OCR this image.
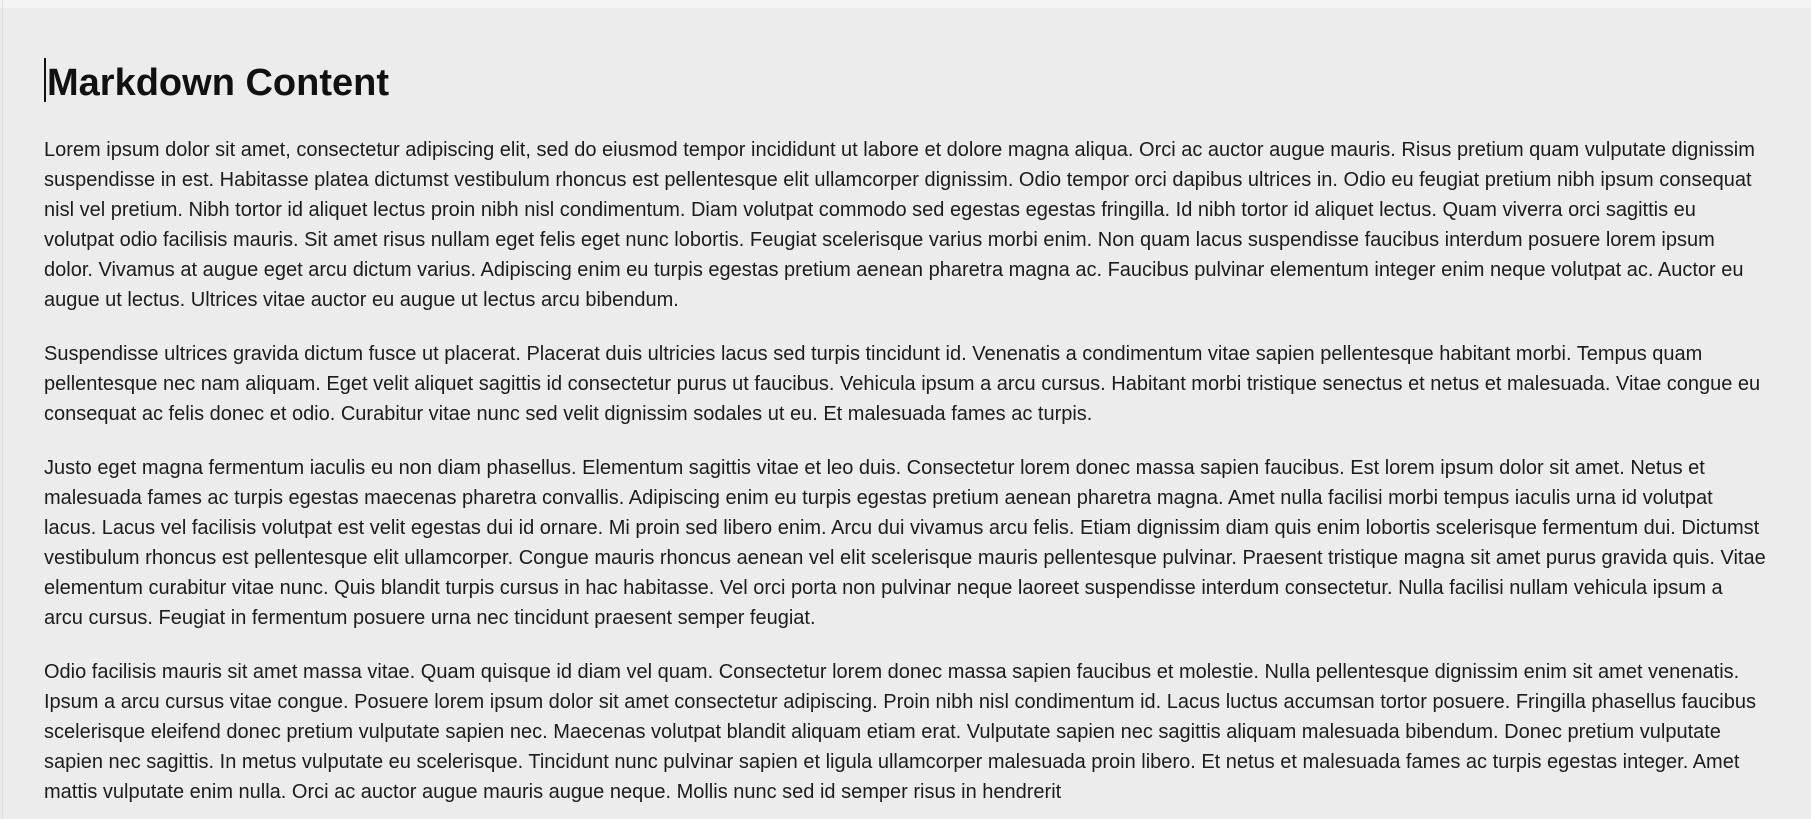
Markdown Content

Lorem ipsum dolor sit amet, consectetur adipiscing elit, sed do eiusmod tempor incididunt ut labore et dolore magna aliqua. Orci ac auctor augue mauris. Risus pretium quam vulputate dignissim suspendisse in est. Habitasse platea dictumst vestibulum rhoncus est pellentesque elit ullamcorper dignissim. Odio tempor orci dapibus ultrices in. Odio eu feugiat pretium nibh ipsum consequat nisl vel pretium. Nibh tortor id aliquet lectus proin nibh nisl condimentum. Diam volutpat commodo sed egestas egestas fringilla. Id nibh tortor id aliquet lectus. Quam viverra orci sagittis eu volutpat odio facilisis mauris. Sit amet risus nullam eget felis eget nunc lobortis. Feugiat scelerisque varius morbi enim. Non quam lacus suspendisse faucibus interdum posuere lorem ipsum dolor. Vivamus at augue eget arcu dictum varius. Adipiscing enim eu turpis egestas pretium aenean pharetra magna ac. Faucibus pulvinar elementum integer enim neque volutpat ac. Auctor eu augue ut lectus. Ultrices vitae auctor eu augue ut lectus arcu bibendum.

Suspendisse ultrices gravida dictum fusce ut placerat. Placerat duis ultricies lacus sed turpis tincidunt id. Venenatis a condimentum vitae sapien pellentesque habitant morbi. Tempus quam pellentesque nec nam aliquam. Eget velit aliquet sagittis id consectetur purus ut faucibus. Vehicula ipsum a arcu cursus. Habitant morbi tristique senectus et netus et malesuada. Vitae congue eu consequat ac felis donec et odio. Curabitur vitae nunc sed velit dignissim sodales ut eu. Et malesuada fames ac turpis.

Justo eget magna fermentum iaculis eu non diam phasellus. Elementum sagittis vitae et leo duis. Consectetur lorem donec massa sapien faucibus. Est lorem ipsum dolor sit amet. Netus et malesuada fames ac turpis egestas maecenas pharetra convallis. Adipiscing enim eu turpis egestas pretium aenean pharetra magna. Amet nulla facilisi morbi tempus iaculis urna id volutpat lacus. Lacus vel facilisis volutpat est velit egestas dui id ornare. Mi proin sed libero enim. Arcu dui vivamus arcu felis. Etiam dignissim diam quis enim lobortis scelerisque fermentum dui. Dictumst vestibulum rhoncus est pellentesque elit ullamcorper. Congue mauris rhoncus aenean vel elit scelerisque mauris pellentesque pulvinar. Praesent tristique magna sit amet purus gravida quis. Vitae elementum curabitur vitae nunc. Quis blandit turpis cursus in hac habitasse. Vel orci porta non pulvinar neque laoreet suspendisse interdum consectetur. Nulla facilisi nullam vehicula ipsum a arcu cursus. Feugiat in fermentum posuere urna nec tincidunt praesent semper feugiat.

Odio facilisis mauris sit amet massa vitae. Quam quisque id diam vel quam. Consectetur lorem donec massa sapien faucibus et molestie. Nulla pellentesque dignissim enim sit amet venenatis. Ipsum a arcu cursus vitae congue. Posuere lorem ipsum dolor sit amet consectetur adipiscing. Proin nibh nisl condimentum id. Lacus luctus accumsan tortor posuere. Fringilla phasellus faucibus scelerisque eleifend donec pretium vulputate sapien nec. Maecenas volutpat blandit aliquam etiam erat. Vulputate sapien nec sagittis aliquam malesuada bibendum. Donec pretium vulputate sapien nec sagittis. In metus vulputate eu scelerisque. Tincidunt nunc pulvinar sapien et ligula ullamcorper malesuada proin libero. Et netus et malesuada fames ac turpis egestas integer. Amet mattis vulputate enim nulla. Orci ac auctor augue mauris augue neque. Mollis nunc sed id semper risus in hendrerit
